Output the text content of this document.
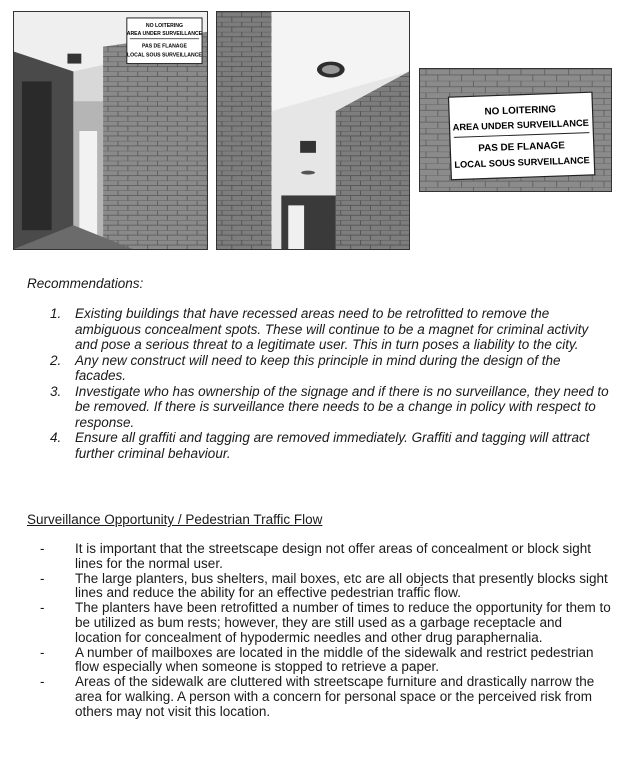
NO LOITERING
AREA UNDER SURVEILLANCE
PAS DE FLANAGE
LOCAL SOUS SURVEILLANCE
NO LOITERING
AREA UNDER SURVEILLANCE
PAS DE FLANAGE
LOCAL SOUS SURVEILLANCE
Recommendations:
1. Existing buildings that have recessed areas need to be retrofitted to remove the ambiguous concealment spots. These will continue to be a magnet for criminal activity and pose a serious threat to a legitimate user. This in turn poses a liability to the city.
2. Any new construct will need to keep this principle in mind during the design of the facades.
3. Investigate who has ownership of the signage and if there is no surveillance, they need to be removed. If there is surveillance there needs to be a change in policy with respect to response.
4. Ensure all graffiti and tagging are removed immediately. Graffiti and tagging will attract further criminal behaviour.
Surveillance Opportunity / Pedestrian Traffic Flow
- It is important that the streetscape design not offer areas of concealment or block sight lines for the normal user.
- The large planters, bus shelters, mail boxes, etc are all objects that presently blocks sight lines and reduce the ability for an effective pedestrian traffic flow.
- The planters have been retrofitted a number of times to reduce the opportunity for them to be utilized as bum rests; however, they are still used as a garbage receptacle and location for concealment of hypodermic needles and other drug paraphernalia.
- A number of mailboxes are located in the middle of the sidewalk and restrict pedestrian flow especially when someone is stopped to retrieve a paper.
- Areas of the sidewalk are cluttered with streetscape furniture and drastically narrow the area for walking. A person with a concern for personal space or the perceived risk from others may not visit this location.
